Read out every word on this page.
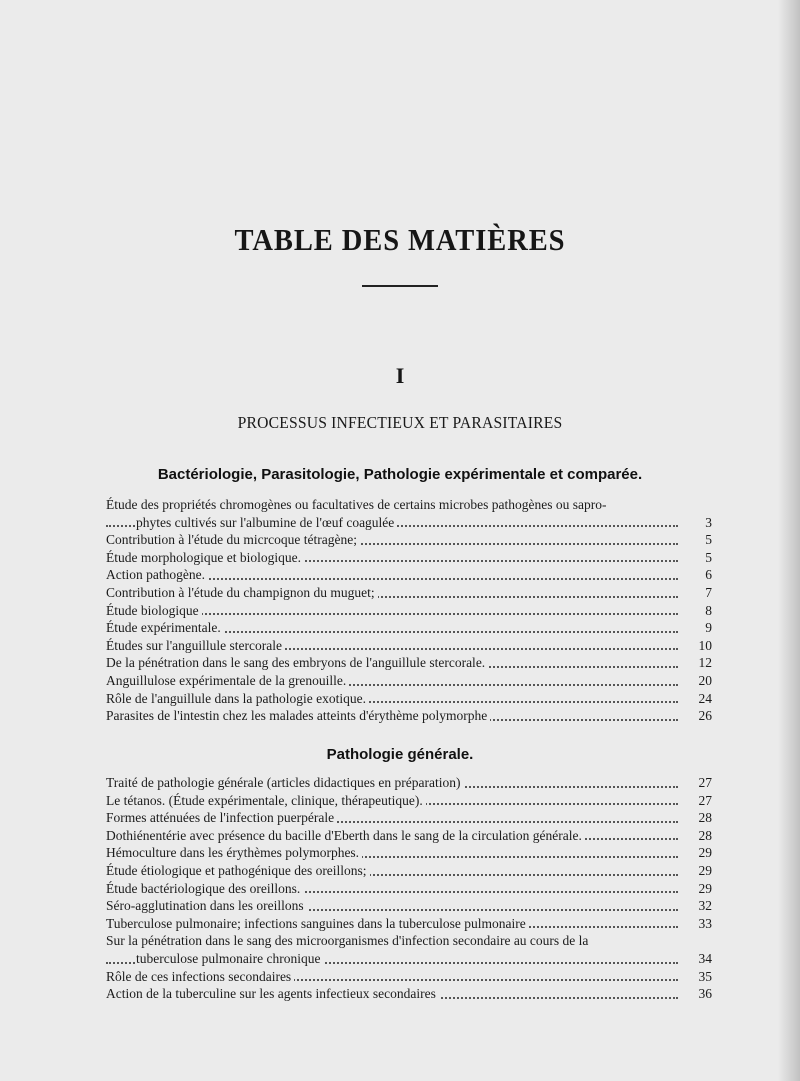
TABLE DES MATIÈRES
I
PROCESSUS INFECTIEUX ET PARASITAIRES
Bactériologie, Parasitologie, Pathologie expérimentale et comparée.
Étude des propriétés chromogènes ou facultatives de certains microbes pathogènes ou sapro-
phytes cultivés sur l'albumine de l'œuf coagulée	3
Contribution à l'étude du micrcoque tétragène;	5
Étude morphologique et biologique.	5
Action pathogène.	6
Contribution à l'étude du champignon du muguet;	7
Étude biologique	8
Étude expérimentale.	9
Études sur l'anguillule stercorale	10
De la pénétration dans le sang des embryons de l'anguillule stercorale.	12
Anguillulose expérimentale de la grenouille.	20
Rôle de l'anguillule dans la pathologie exotique.	24
Parasites de l'intestin chez les malades atteints d'érythème polymorphe	26
Pathologie générale.
Traité de pathologie générale (articles didactiques en préparation)	27
Le tétanos. (Étude expérimentale, clinique, thérapeutique).	27
Formes atténuées de l'infection puerpérale	28
Dothiénentérie avec présence du bacille d'Eberth dans le sang de la circulation générale.	28
Hémoculture dans les érythèmes polymorphes.	29
Étude étiologique et pathogénique des oreillons;	29
Étude bactériologique des oreillons.	29
Séro-agglutination dans les oreillons	32
Tuberculose pulmonaire; infections sanguines dans la tuberculose pulmonaire	33
Sur la pénétration dans le sang des microorganismes d'infection secondaire au cours de la
tuberculose pulmonaire chronique	34
Rôle de ces infections secondaires	35
Action de la tuberculine sur les agents infectieux secondaires	36
